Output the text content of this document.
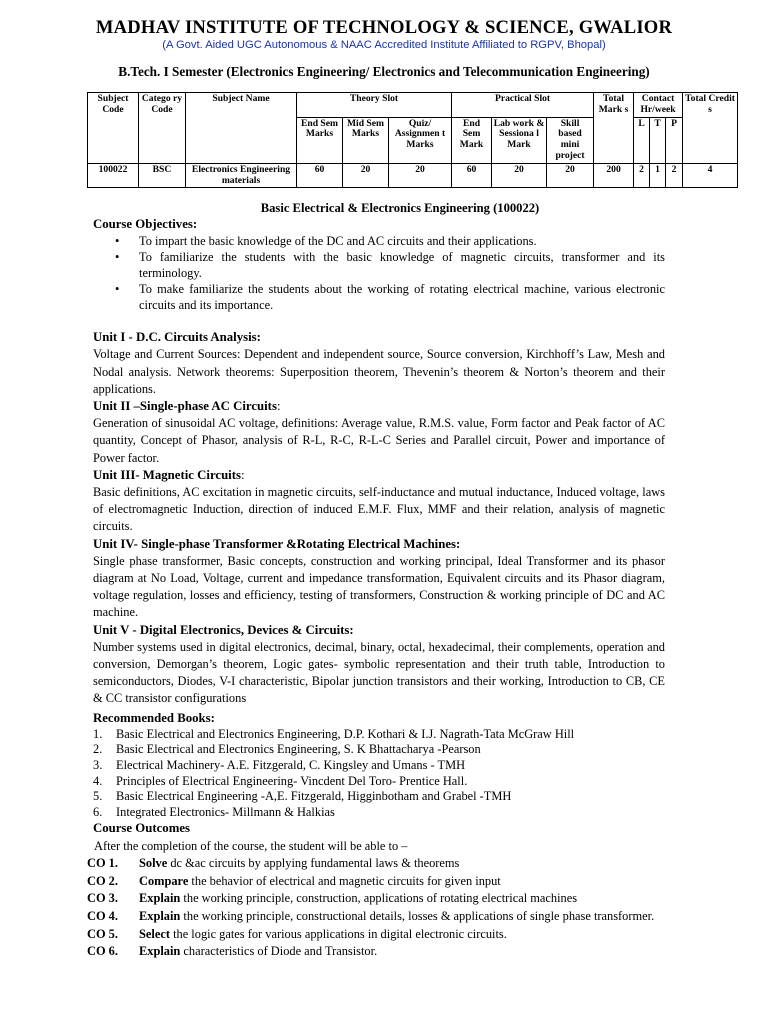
MADHAV INSTITUTE OF TECHNOLOGY & SCIENCE, GWALIOR
(A Govt. Aided UGC Autonomous & NAAC Accredited Institute Affiliated to RGPV, Bhopal)
B.Tech. I Semester (Electronics Engineering/ Electronics and Telecommunication Engineering)
Subject Code	Catego ry Code	Subject Name	Theory Slot			Practical Slot			Total Mark s	Contact Hr/week			Total Credit s
			End Sem Marks	Mid Sem Marks	Quiz/ Assignmen t Marks	End Sem Mark	Lab work & Sessiona l Mark	Skill based mini project		L	T	P	
100022	BSC	Electronics Engineering materials	60	20	20	60	20	20	200	2	1	2	4
Basic Electrical & Electronics Engineering (100022)
Course Objectives:
• To impart the basic knowledge of the DC and AC circuits and their applications.
• To familiarize the students with the basic knowledge of magnetic circuits, transformer and its terminology.
• To make familiarize the students about the working of rotating electrical machine, various electronic circuits and its importance.
Unit I - D.C. Circuits Analysis:

Voltage and Current Sources: Dependent and independent source, Source conversion, Kirchhoff’s Law, Mesh and Nodal analysis. Network theorems: Superposition theorem, Thevenin’s theorem & Norton’s theorem and their applications.

Unit II –Single-phase AC Circuits:

Generation of sinusoidal AC voltage, definitions: Average value, R.M.S. value, Form factor and Peak factor of AC quantity, Concept of Phasor, analysis of R-L, R-C, R-L-C Series and Parallel circuit, Power and importance of Power factor.

Unit III- Magnetic Circuits:

Basic definitions, AC excitation in magnetic circuits, self-inductance and mutual inductance, Induced voltage, laws of electromagnetic Induction, direction of induced E.M.F. Flux, MMF and their relation, analysis of magnetic circuits.

Unit IV- Single-phase Transformer &Rotating Electrical Machines:

Single phase transformer, Basic concepts, construction and working principal, Ideal Transformer and its phasor diagram at No Load, Voltage, current and impedance transformation, Equivalent circuits and its Phasor diagram, voltage regulation, losses and efficiency, testing of transformers, Construction & working principle of DC and AC machine.

Unit V - Digital Electronics, Devices & Circuits:

Number systems used in digital electronics, decimal, binary, octal, hexadecimal, their complements, operation and conversion, Demorgan’s theorem, Logic gates- symbolic representation and their truth table, Introduction to semiconductors, Diodes, V-I characteristic, Bipolar junction transistors and their working, Introduction to CB, CE & CC transistor configurations

Recommended Books:
1. Basic Electrical and Electronics Engineering, D.P. Kothari & I.J. Nagrath-Tata McGraw Hill
2. Basic Electrical and Electronics Engineering, S. K Bhattacharya -Pearson
3. Electrical Machinery- A.E. Fitzgerald, C. Kingsley and Umans - TMH
4. Principles of Electrical Engineering- Vincdent Del Toro- Prentice Hall.
5. Basic Electrical Engineering -A,E. Fitzgerald, Higginbotham and Grabel -TMH
6. Integrated Electronics- Millmann & Halkias
Course Outcomes
After the completion of the course, the student will be able to –
CO 1. Solve dc &ac circuits by applying fundamental laws & theorems
CO 2. Compare the behavior of electrical and magnetic circuits for given input
CO 3. Explain the working principle, construction, applications of rotating electrical machines
CO 4. Explain the working principle, constructional details, losses & applications of single phase transformer.
CO 5. Select the logic gates for various applications in digital electronic circuits.
CO 6. Explain characteristics of Diode and Transistor.
